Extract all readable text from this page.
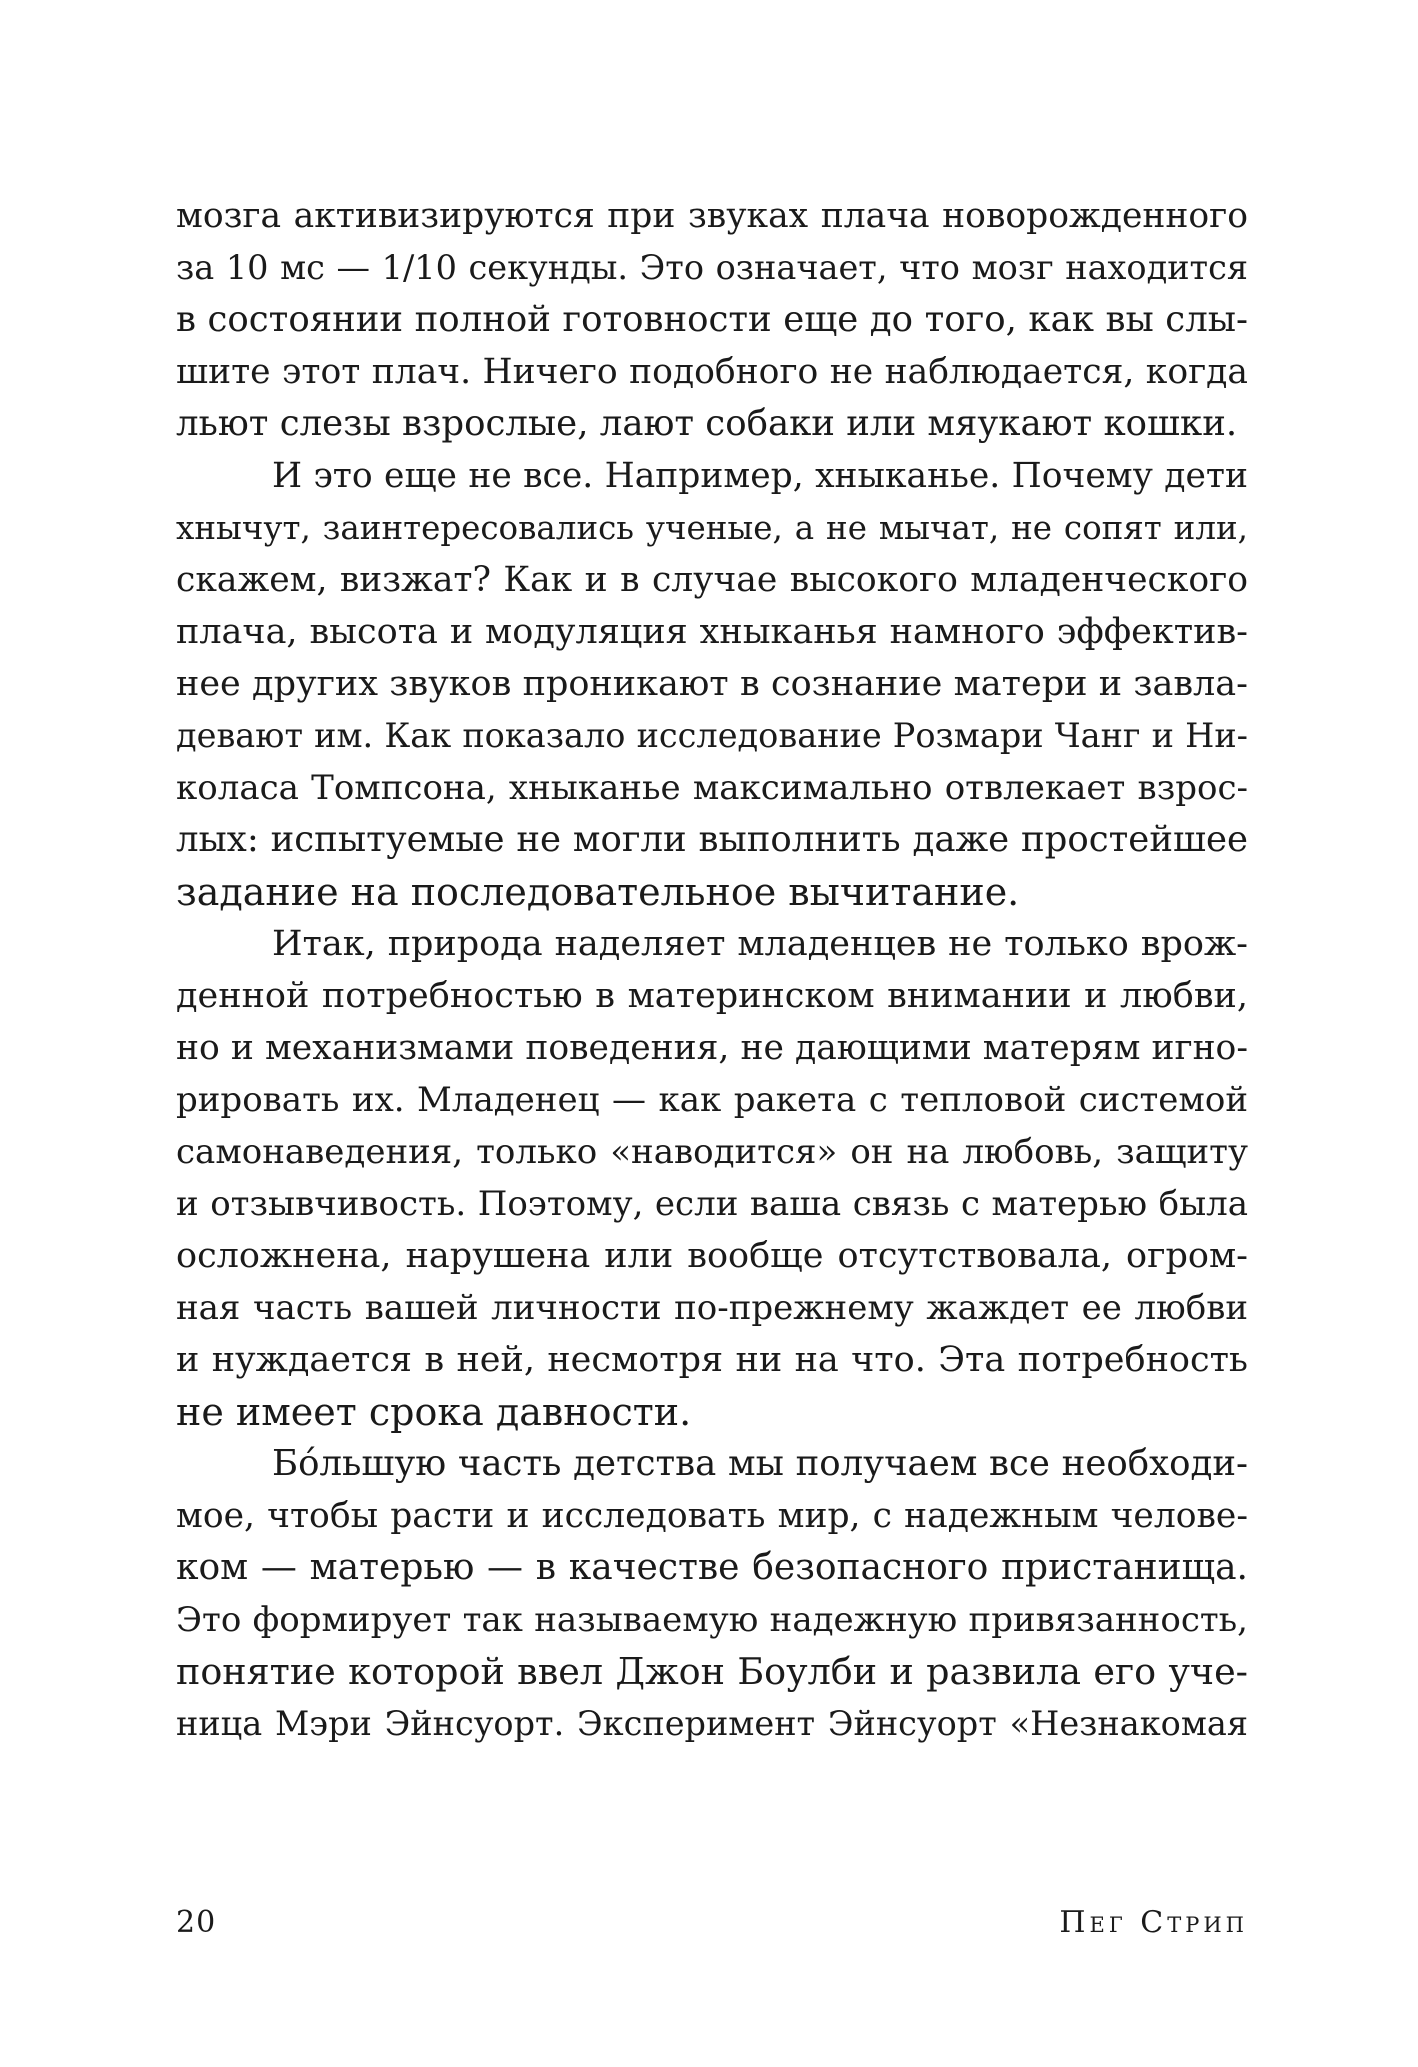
мозга активизируются при звуках плача новорожденного
за 10 мс — 1/10 секунды. Это означает, что мозг находится
в состоянии полной готовности еще до того, как вы слы-
шите этот плач. Ничего подобного не наблюдается, когда
льют слезы взрослые, лают собаки или мяукают кошки.
И это еще не все. Например, хныканье. Почему дети
хнычут, заинтересовались ученые, а не мычат, не сопят или,
скажем, визжат? Как и в случае высокого младенческого
плача, высота и модуляция хныканья намного эффектив-
нее других звуков проникают в сознание матери и завла-
девают им. Как показало исследование Розмари Чанг и Ни-
коласа Томпсона, хныканье максимально отвлекает взрос-
лых: испытуемые не могли выполнить даже простейшее
задание на последовательное вычитание.
Итак, природа наделяет младенцев не только врож-
денной потребностью в материнском внимании и любви,
но и механизмами поведения, не дающими матерям игно-
рировать их. Младенец — как ракета с тепловой системой
самонаведения, только «наводится» он на любовь, защиту
и отзывчивость. Поэтому, если ваша связь с матерью была
осложнена, нарушена или вообще отсутствовала, огром-
ная часть вашей личности по-прежнему жаждет ее любви
и нуждается в ней, несмотря ни на что. Эта потребность
не имеет срока давности.
Бóльшую часть детства мы получаем все необходи-
мое, чтобы расти и исследовать мир, с надежным челове-
ком — матерью — в качестве безопасного пристанища.
Это формирует так называемую надежную привязанность,
понятие которой ввел Джон Боулби и развила его уче-
ница Мэри Эйнсуорт. Эксперимент Эйнсуорт «Незнакомая
20	Пег Стрип
